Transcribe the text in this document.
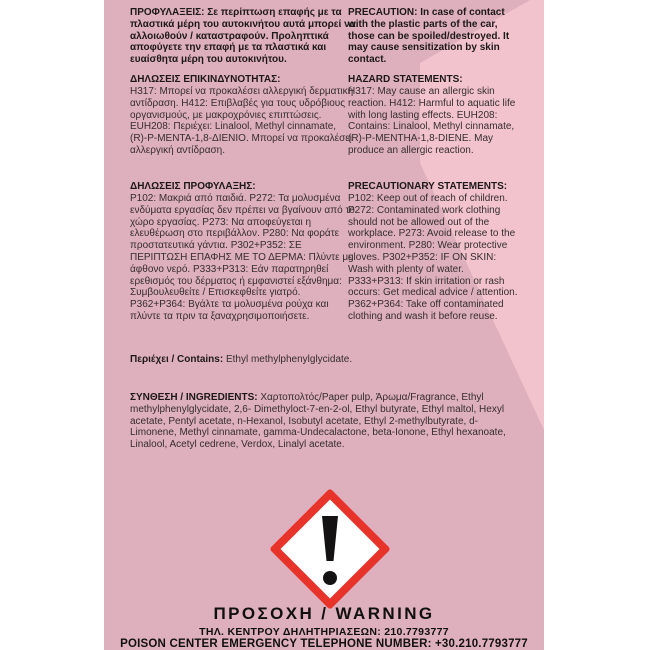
ΠΡΟΦΥΛΑΞΕΙΣ: Σε περίπτωση επαφής με τα πλαστικά μέρη του αυτοκινήτου αυτά μπορεί να αλλοιωθούν / καταστραφούν. Προληπτικά αποφύγετε την επαφή με τα πλαστικά και ευαίσθητα μέρη του αυτοκινήτου.
ΔΗΛΩΣΕΙΣ ΕΠΙΚΙΝΔΥΝΟΤΗΤΑΣ:
Η317: Μπορεί να προκαλέσει αλλεργική δερματική αντίδραση. Η412: Επιβλαβές για τους υδρόβιους οργανισμούς, με μακροχρόνιες επιπτώσεις. EUH208: Περιέχει: Linalool, Methyl cinnamate, (R)-P-MENTA-1,8-ΔΙΕΝΙΟ. Μπορεί να προκαλέσει αλλεργική αντίδραση.
ΔΗΛΩΣΕΙΣ ΠΡΟΦΥΛΑΞΗΣ:
P102: Μακριά από παιδιά. P272: Τα μολυσμένα ενδύματα εργασίας δεν πρέπει να βγαίνουν από το χώρο εργασίας. P273: Να αποφεύγεται η ελευθέρωση στο περιβάλλον. P280: Να φοράτε προστατευτικά γάντια. P302+P352: ΣΕ ΠΕΡΙΠΤΩΣΗ ΕΠΑΦΗΣ ΜΕ ΤΟ ΔΕΡΜΑ: Πλύντε με άφθονο νερό. P333+P313: Εάν παρατηρηθεί ερεθισμός του δέρματος ή εμφανιστεί εξάνθημα: Συμβουλευθείτε / Επισκεφθείτε γιατρό. P362+P364: Βγάλτε τα μολυσμένα ρούχα και πλύντε τα πριν τα ξαναχρησιμοποιήσετε.
PRECAUTION: In case of contact with the plastic parts of the car, those can be spoiled/destroyed. It may cause sensitization by skin contact.
HAZARD STATEMENTS:
H317: May cause an allergic skin reaction. H412: Harmful to aquatic life with long lasting effects. EUH208: Contains: Linalool, Methyl cinnamate, (R)-P-MENTHA-1,8-DIENE. May produce an allergic reaction.
PRECAUTIONARY STATEMENTS:
P102: Keep out of reach of children. P272: Contaminated work clothing should not be allowed out of the workplace. P273: Avoid release to the environment. P280: Wear protective gloves. P302+P352: IF ON SKIN: Wash with plenty of water. P333+P313: If skin irritation or rash occurs: Get medical advice / attention. P362+P364: Take off contaminated clothing and wash it before reuse.
Περιέχει / Contains: Ethyl methylphenylglycidate.
ΣΥΝΘΕΣΗ / INGREDIENTS: Χαρτοπολτός/Paper pulp, Άρωμα/Fragrance, Ethyl methylphenylglycidate, 2,6- Dimethyloct-7-en-2-ol, Ethyl butyrate, Ethyl maltol, Hexyl acetate, Pentyl acetate, n-Hexanol, Isobutyl acetate, Ethyl 2-methylbutyrate, d-Limonene, Methyl cinnamate, gamma-Undecalactone, beta-Ionone, Ethyl hexanoate, Linalool, Acetyl cedrene, Verdox, Linalyl acetate.
ΠΡΟΣΟΧΗ / WARNING
ΤΗΛ. ΚΕΝΤΡΟΥ ΔΗΛΗΤΗΡΙΑΣΕΩΝ: 210.7793777
POISON CENTER EMERGENCY TELEPHONE NUMBER: +30.210.7793777
